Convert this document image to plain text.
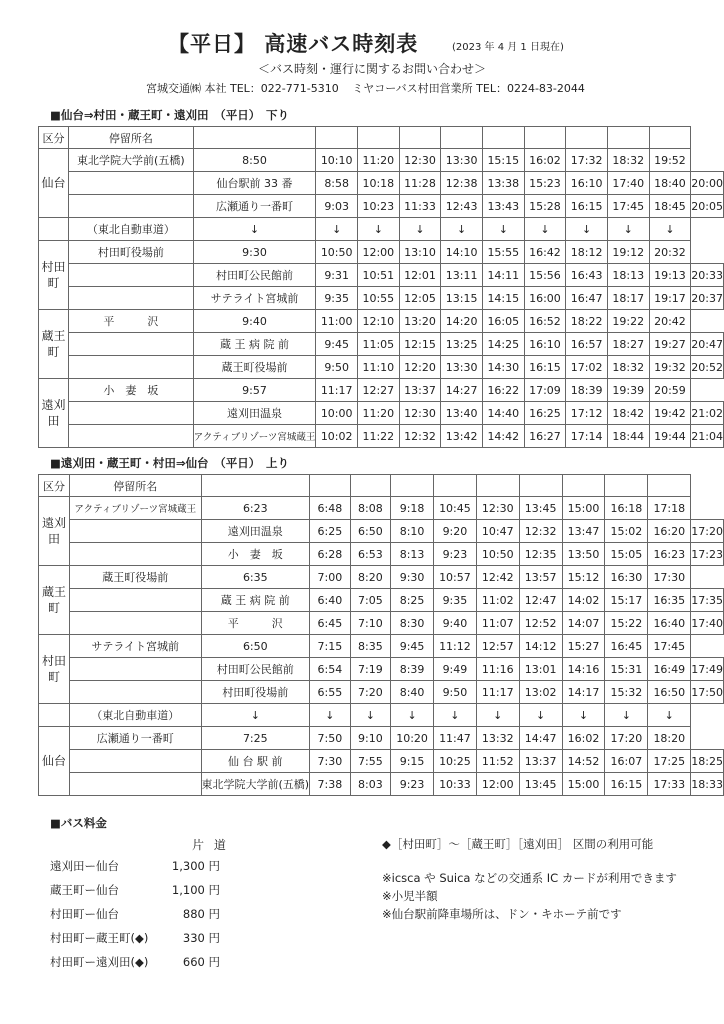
【平日】 高速バス時刻表	(2023 年 4 月 1 日現在)
＜バス時刻・運行に関するお問い合わせ＞
宮城交通㈱ 本社 TEL：022-771-5310 ミヤコーバス村田営業所 TEL：0224-83-2044
■仙台⇒村田・蔵王町・遠刈田　（平日）　下り
区分	停留所名											
仙台	東北学院大学前(五橋)	8:50	10:10	11:20	12:30	13:30	15:15	16:02	17:32	18:32	19:52	
		仙台駅前 33 番	8:58	10:18	11:28	12:38	13:38	15:23	16:10	17:40	18:40	20:00
		広瀬通り一番町	9:03	10:23	11:33	12:43	13:43	15:28	16:15	17:45	18:45	20:05
	（東北自動車道）	↓	↓	↓	↓	↓	↓	↓	↓	↓	↓	
村田町	村田町役場前	9:30	10:50	12:00	13:10	14:10	15:55	16:42	18:12	19:12	20:32	
		村田町公民館前	9:31	10:51	12:01	13:11	14:11	15:56	16:43	18:13	19:13	20:33
		サテライト宮城前	9:35	10:55	12:05	13:15	14:15	16:00	16:47	18:17	19:17	20:37
蔵王町	平　　　沢	9:40	11:00	12:10	13:20	14:20	16:05	16:52	18:22	19:22	20:42	
		蔵 王 病 院 前	9:45	11:05	12:15	13:25	14:25	16:10	16:57	18:27	19:27	20:47
		蔵王町役場前	9:50	11:10	12:20	13:30	14:30	16:15	17:02	18:32	19:32	20:52
遠刈田	小　妻　坂	9:57	11:17	12:27	13:37	14:27	16:22	17:09	18:39	19:39	20:59	
		遠刈田温泉	10:00	11:20	12:30	13:40	14:40	16:25	17:12	18:42	19:42	21:02
		アクティブリゾーツ宮城蔵王	10:02	11:22	12:32	13:42	14:42	16:27	17:14	18:44	19:44	21:04
■遠刈田・蔵王町・村田⇒仙台　（平日）　上り
区分	停留所名											
遠刈田	アクティブリゾーツ宮城蔵王	6:23	6:48	8:08	9:18	10:45	12:30	13:45	15:00	16:18	17:18	
		遠刈田温泉	6:25	6:50	8:10	9:20	10:47	12:32	13:47	15:02	16:20	17:20
		小　妻　坂	6:28	6:53	8:13	9:23	10:50	12:35	13:50	15:05	16:23	17:23
蔵王町	蔵王町役場前	6:35	7:00	8:20	9:30	10:57	12:42	13:57	15:12	16:30	17:30	
		蔵 王 病 院 前	6:40	7:05	8:25	9:35	11:02	12:47	14:02	15:17	16:35	17:35
		平　　　沢	6:45	7:10	8:30	9:40	11:07	12:52	14:07	15:22	16:40	17:40
村田町	サテライト宮城前	6:50	7:15	8:35	9:45	11:12	12:57	14:12	15:27	16:45	17:45	
		村田町公民館前	6:54	7:19	8:39	9:49	11:16	13:01	14:16	15:31	16:49	17:49
		村田町役場前	6:55	7:20	8:40	9:50	11:17	13:02	14:17	15:32	16:50	17:50
	（東北自動車道）	↓	↓	↓	↓	↓	↓	↓	↓	↓	↓	
仙台	広瀬通り一番町	7:25	7:50	9:10	10:20	11:47	13:32	14:47	16:02	17:20	18:20	
		仙 台 駅 前	7:30	7:55	9:15	10:25	11:52	13:37	14:52	16:07	17:25	18:25
		東北学院大学前(五橋)	7:38	8:03	9:23	10:33	12:00	13:45	15:00	16:15	17:33	18:33
■バス料金
片 道
遠刈田ー仙台	1,300 円
蔵王町ー仙台	1,100 円
村田町ー仙台	880 円
村田町ー蔵王町(◆)	330 円
村田町ー遠刈田(◆)	660 円
◆［村田町］～［蔵王町］［遠刈田］ 区間の利用可能
※icsca や Suica などの交通系 IC カードが利用できます
※小児半額
※仙台駅前降車場所は、ドン・キホーテ前です
